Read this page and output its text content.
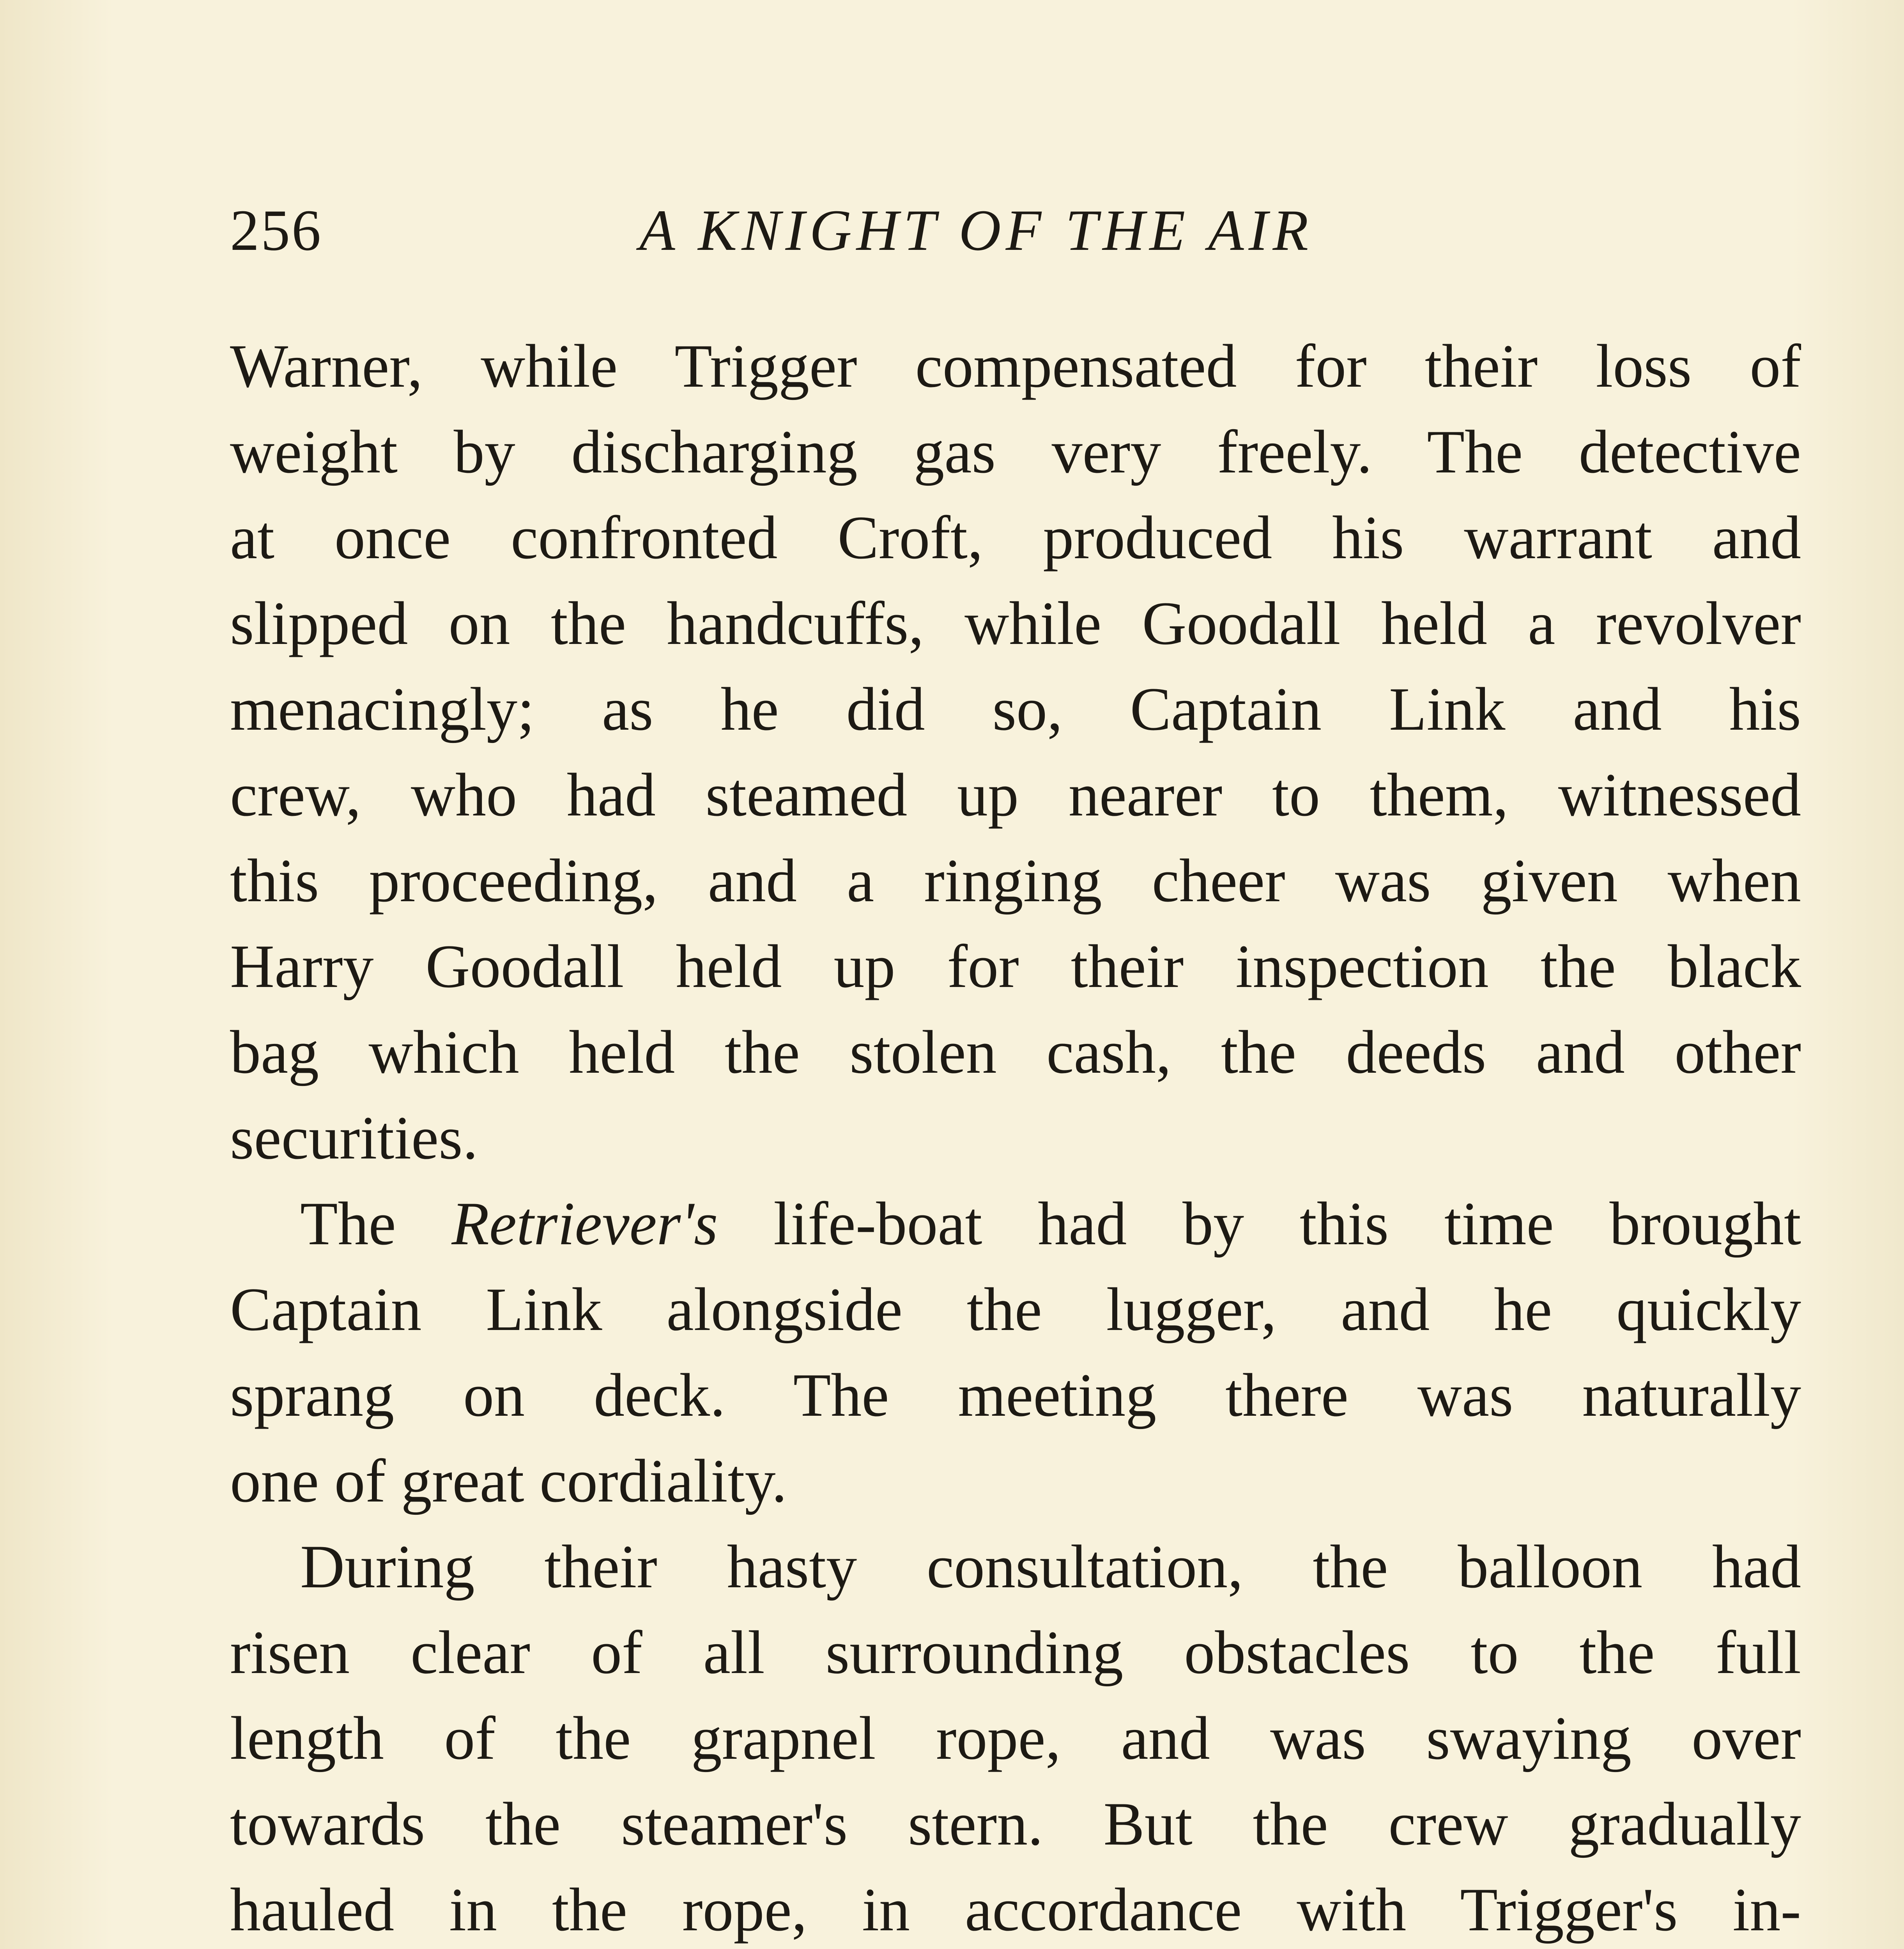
256	A KNIGHT OF THE AIR
Warner, while Trigger compensated for their loss of
weight by discharging gas very freely. The detective
at once confronted Croft, produced his warrant and
slipped on the handcuffs, while Goodall held a revolver
menacingly; as he did so, Captain Link and his
crew, who had steamed up nearer to them, witnessed
this proceeding, and a ringing cheer was given when
Harry Goodall held up for their inspection the black
bag which held the stolen cash, the deeds and other
securities.
The Retriever's life-boat had by this time brought
Captain Link alongside the lugger, and he quickly
sprang on deck. The meeting there was naturally
one of great cordiality.
During their hasty consultation, the balloon had
risen clear of all surrounding obstacles to the full
length of the grapnel rope, and was swaying over
towards the steamer's stern. But the crew gradually
hauled in the rope, in accordance with Trigger's in-
